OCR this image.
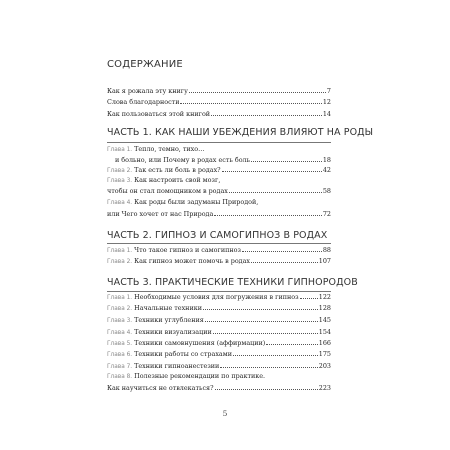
СОДЕРЖАНИЕ
Как я рожала эту книгу	7
Слова благодарности	12
Как пользоваться этой книгой	14
ЧАСТЬ 1. КАК НАШИ УБЕЖДЕНИЯ ВЛИЯЮТ НА РОДЫ
Глава 1. Тепло, темно, тихо…
и больно, или Почему в родах есть боль	18
Глава 2. Так есть ли боль в родах?	42
Глава 3. Как настроить свой мозг,
чтобы он стал помощником в родах	58
Глава 4. Как роды были задуманы Природой,
или Чего хочет от нас Природа	72
ЧАСТЬ 2. ГИПНОЗ И САМОГИПНОЗ В РОДАХ
Глава 1. Что такое гипноз и самогипноз	88
Глава 2. Как гипноз может помочь в родах	107
ЧАСТЬ 3. ПРАКТИЧЕСКИЕ ТЕХНИКИ ГИПНОРОДОВ
Глава 1. Необходимые условия для погружения в гипноз	122
Глава 2. Начальные техники	128
Глава 3. Техники углубления	145
Глава 4. Техники визуализации	154
Глава 5. Техники самовнушения (аффирмации)	166
Глава 6. Техники работы со страхами	175
Глава 7. Техники гипноанестезии	203
Глава 8. Полезные рекомендации по практике.
Как научиться не отвлекаться?	223
5
